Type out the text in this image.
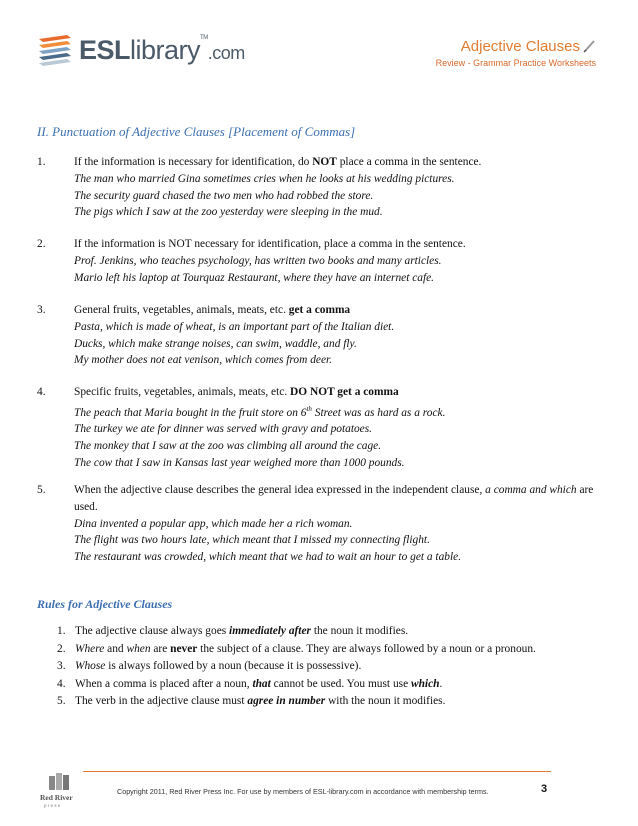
ESLlibrary™.com	Adjective Clauses
Review - Grammar Practice Worksheets
II. Punctuation of Adjective Clauses [Placement of Commas]
1. If the information is necessary for identification, do NOT place a comma in the sentence.
The man who married Gina sometimes cries when he looks at his wedding pictures.
The security guard chased the two men who had robbed the store.
The pigs which I saw at the zoo yesterday were sleeping in the mud.
2. If the information is NOT necessary for identification, place a comma in the sentence.
Prof. Jenkins, who teaches psychology, has written two books and many articles.
Mario left his laptop at Tourquaz Restaurant, where they have an internet cafe.
3. General fruits, vegetables, animals, meats, etc. get a comma
Pasta, which is made of wheat, is an important part of the Italian diet.
Ducks, which make strange noises, can swim, waddle, and fly.
My mother does not eat venison, which comes from deer.
4. Specific fruits, vegetables, animals, meats, etc. DO NOT get a comma
The peach that Maria bought in the fruit store on 6th Street was as hard as a rock.
The turkey we ate for dinner was served with gravy and potatoes.
The monkey that I saw at the zoo was climbing all around the cage.
The cow that I saw in Kansas last year weighed more than 1000 pounds.
5. When the adjective clause describes the general idea expressed in the independent clause, a comma and which are used.
Dina invented a popular app, which made her a rich woman.
The flight was two hours late, which meant that I missed my connecting flight.
The restaurant was crowded, which meant that we had to wait an hour to get a table.
Rules for Adjective Clauses
1. The adjective clause always goes immediately after the noun it modifies.
2. Where and when are never the subject of a clause. They are always followed by a noun or a pronoun.
3. Whose is always followed by a noun (because it is possessive).
4. When a comma is placed after a noun, that cannot be used. You must use which.
5. The verb in the adjective clause must agree in number with the noun it modifies.
Red River
p r e s s
Copyright 2011, Red River Press Inc. For use by members of ESL-library.com in accordance with membership terms.	3
